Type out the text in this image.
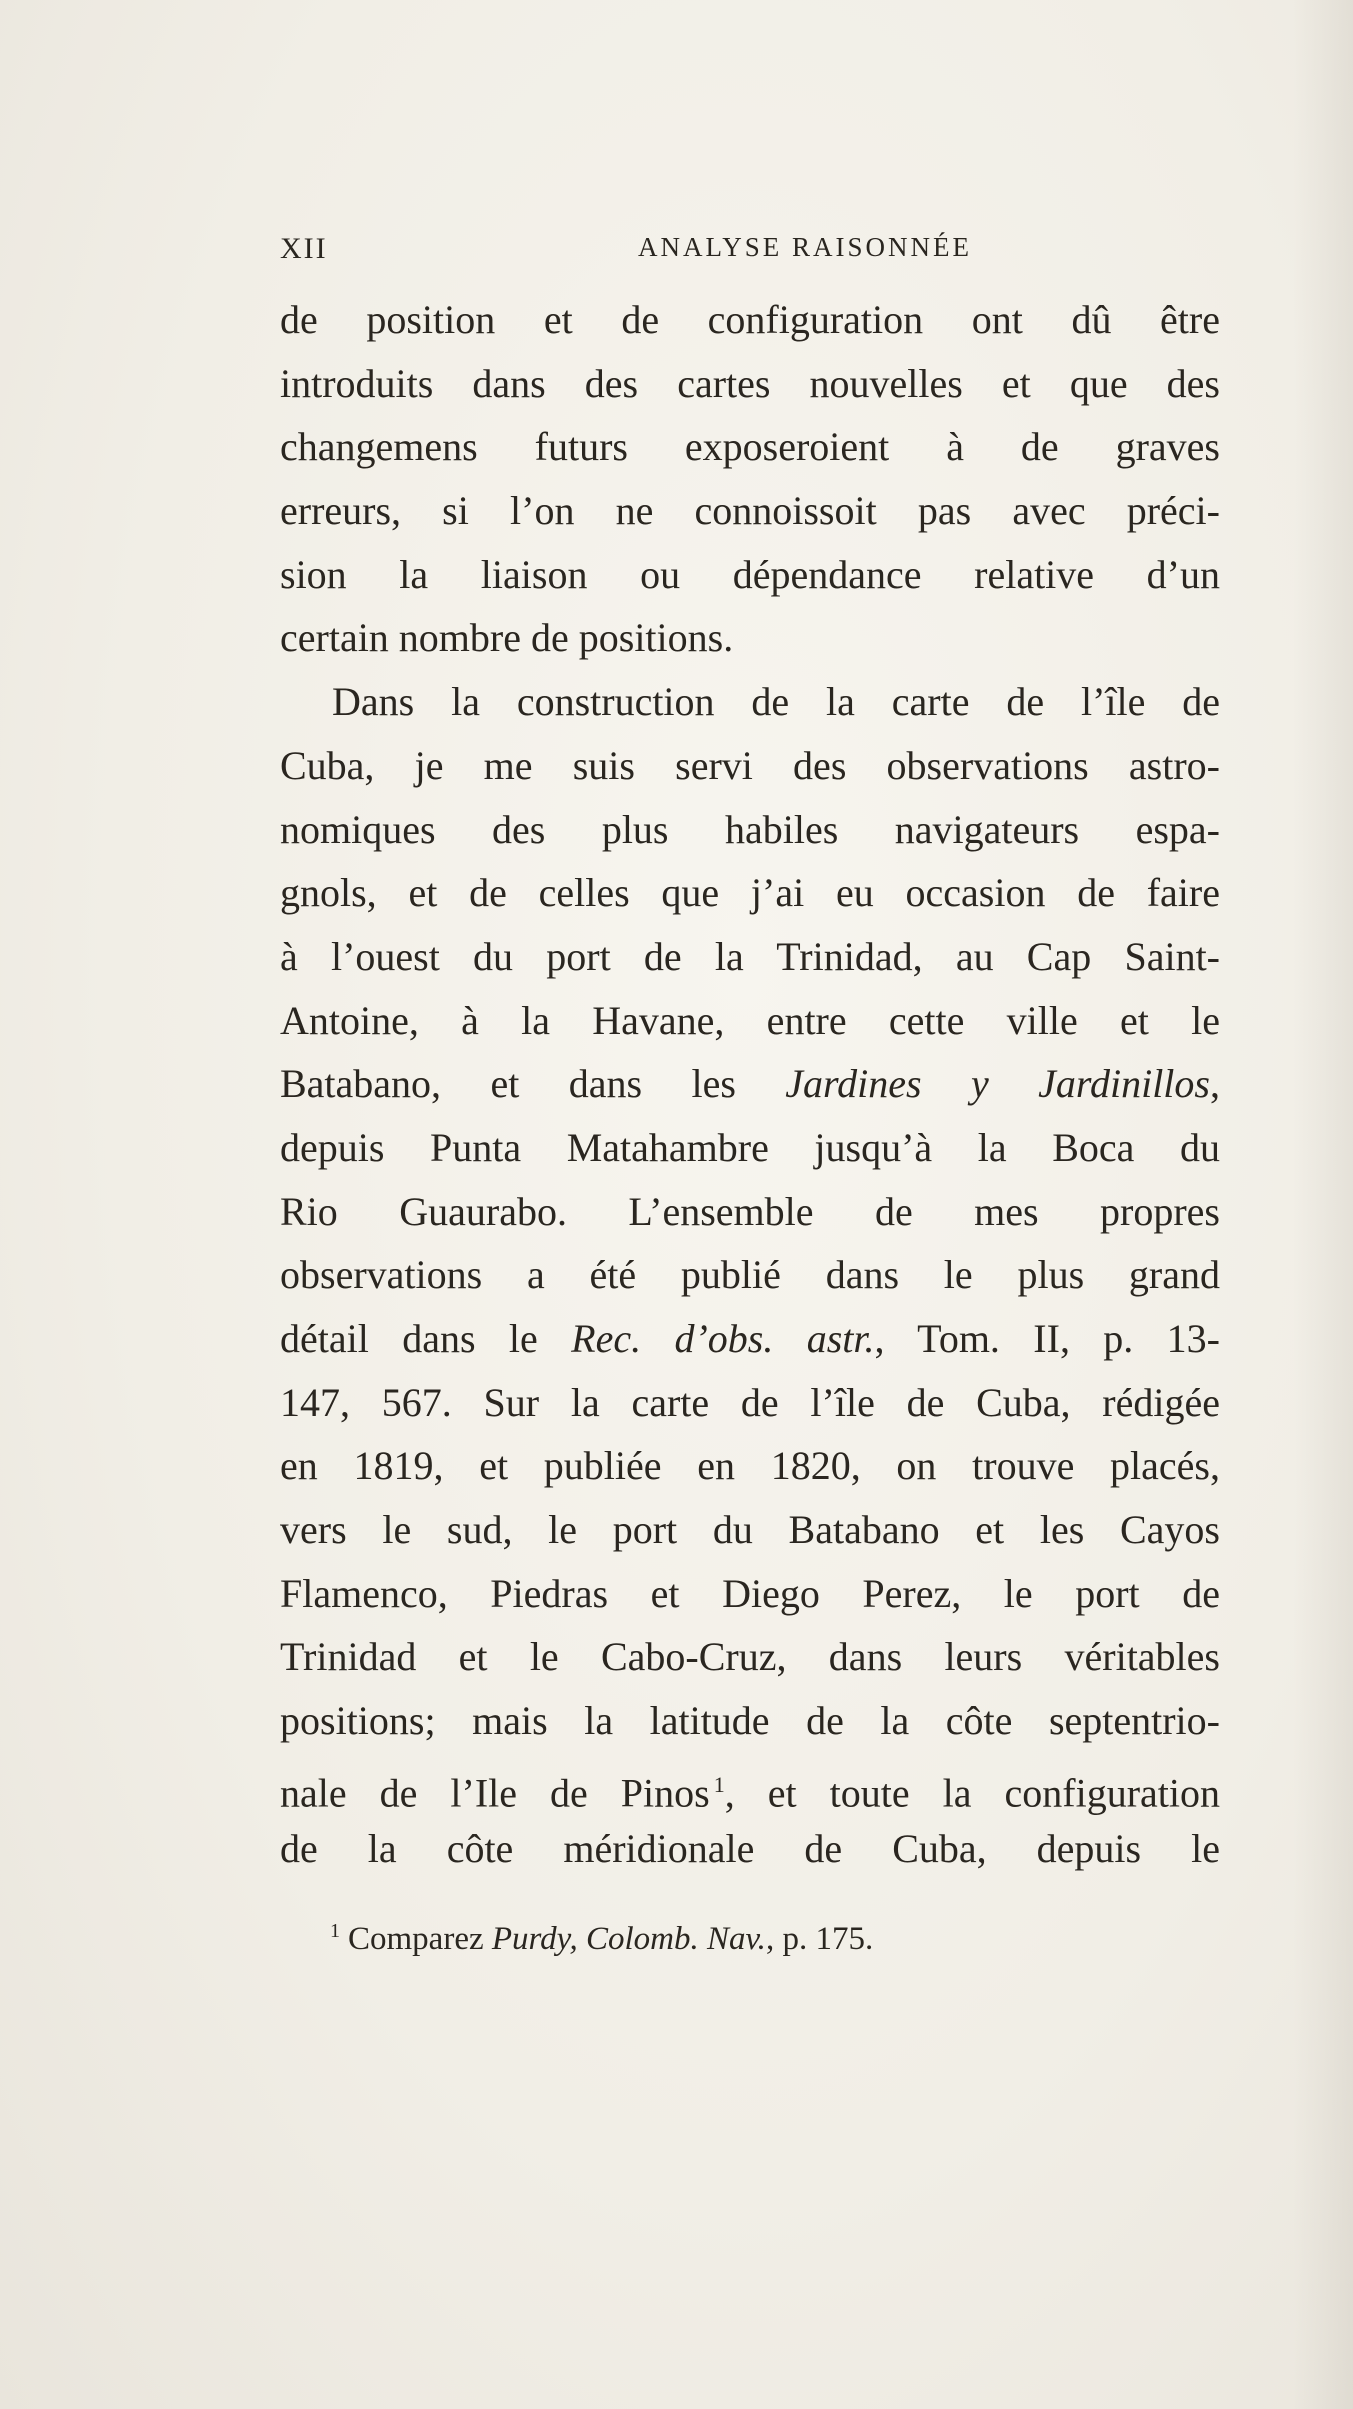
XII	ANALYSE RAISONNÉE
de position et de configuration ont dû être
introduits dans des cartes nouvelles et que des
changemens futurs exposeroient à de graves
erreurs, si l’on ne connoissoit pas avec préci-
sion la liaison ou dépendance relative d’un
certain nombre de positions.
Dans la construction de la carte de l’île de
Cuba, je me suis servi des observations astro-
nomiques des plus habiles navigateurs espa-
gnols, et de celles que j’ai eu occasion de faire
à l’ouest du port de la Trinidad, au Cap Saint-
Antoine, à la Havane, entre cette ville et le
Batabano, et dans les Jardines y Jardinillos,
depuis Punta Matahambre jusqu’à la Boca du
Rio Guaurabo. L’ensemble de mes propres
observations a été publié dans le plus grand
détail dans le Rec. d’obs. astr., Tom. II, p. 13-
147, 567. Sur la carte de l’île de Cuba, rédigée
en 1819, et publiée en 1820, on trouve placés,
vers le sud, le port du Batabano et les Cayos
Flamenco, Piedras et Diego Perez, le port de
Trinidad et le Cabo-Cruz, dans leurs véritables
positions; mais la latitude de la côte septentrio-
nale de l’Ile de Pinos $^1$, et toute la configuration
de la côte méridionale de Cuba, depuis le
$^1$ Comparez Purdy, Colomb. Nav., p. 175.
